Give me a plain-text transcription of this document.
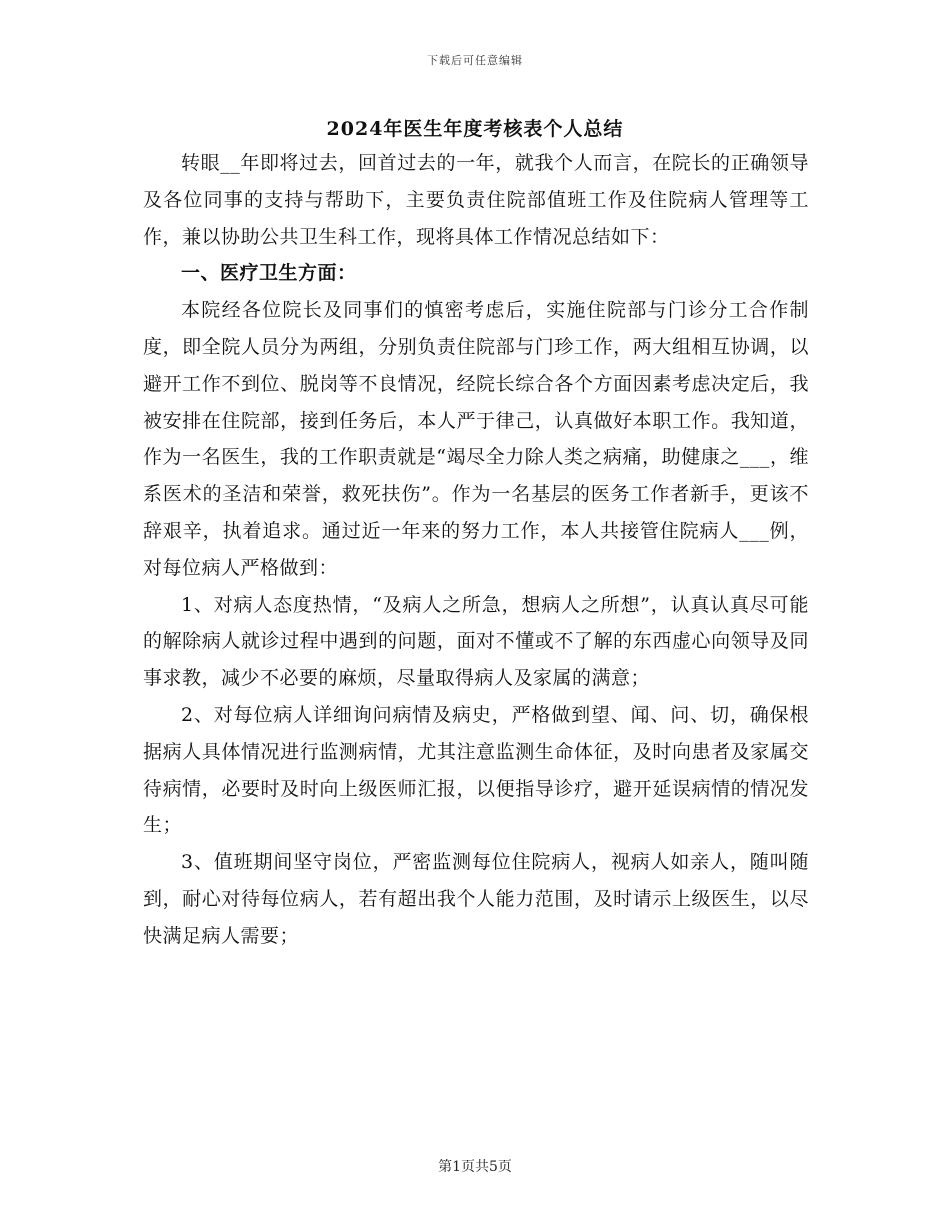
下载后可任意编辑
2024年医生年度考核表个人总结

转眼__年即将过去，回首过去的一年，就我个人而言，在院长的正确领导及各位同事的支持与帮助下，主要负责住院部值班工作及住院病人管理等工作，兼以协助公共卫生科工作，现将具体工作情况总结如下：

一、医疗卫生方面：

本院经各位院长及同事们的慎密考虑后，实施住院部与门诊分工合作制度，即全院人员分为两组，分别负责住院部与门珍工作，两大组相互协调，以避开工作不到位、脱岗等不良情况，经院长综合各个方面因素考虑决定后，我被安排在住院部，接到任务后，本人严于律己，认真做好本职工作。我知道，作为一名医生，我的工作职责就是“竭尽全力除人类之病痛，助健康之___，维系医术的圣洁和荣誉，救死扶伤”。作为一名基层的医务工作者新手，更该不辞艰辛，执着追求。通过近一年来的努力工作，本人共接管住院病人___例，对每位病人严格做到：

1、对病人态度热情，“及病人之所急，想病人之所想”，认真认真尽可能的解除病人就诊过程中遇到的问题，面对不懂或不了解的东西虚心向领导及同事求教，减少不必要的麻烦，尽量取得病人及家属的满意；

2、对每位病人详细询问病情及病史，严格做到望、闻、问、切，确保根据病人具体情况进行监测病情，尤其注意监测生命体征，及时向患者及家属交待病情，必要时及时向上级医师汇报，以便指导诊疗，避开延误病情的情况发生；

3、值班期间坚守岗位，严密监测每位住院病人，视病人如亲人，随叫随到，耐心对待每位病人，若有超出我个人能力范围，及时请示上级医生，以尽快满足病人需要；

第1页共5页
